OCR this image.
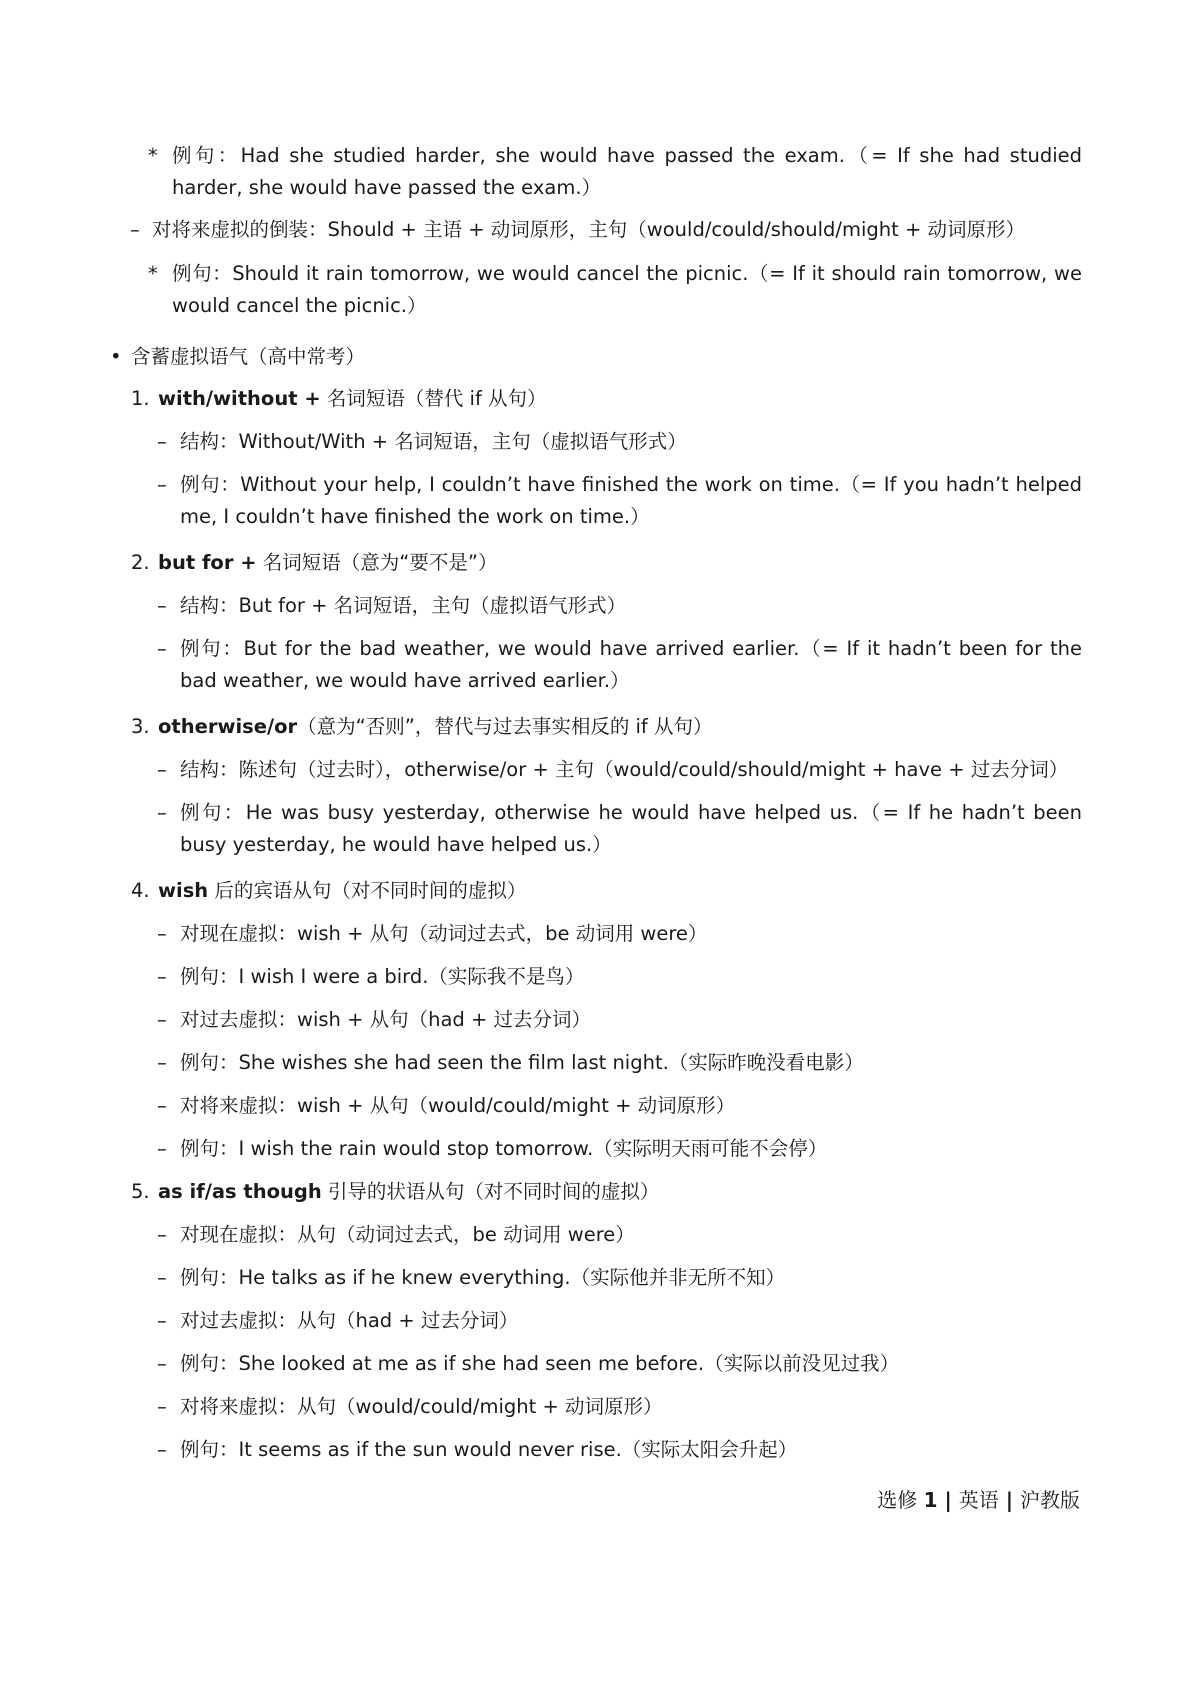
* 例句：Had she studied harder, she would have passed the exam.（= If she had studied harder, she would have passed the exam.）

– 对将来虚拟的倒装：Should + 主语 + 动词原形，主句（would/could/should/might + 动词原形）

* 例句：Should it rain tomorrow, we would cancel the picnic.（= If it should rain tomorrow, we would cancel the picnic.）

• 含蓄虚拟语气（高中常考）

1. with/without + 名词短语（替代 if 从句）

– 结构：Without/With + 名词短语，主句（虚拟语气形式）

– 例句：Without your help, I couldn’t have finished the work on time.（= If you hadn’t helped me, I couldn’t have finished the work on time.）

2. but for + 名词短语（意为“要不是”）

– 结构：But for + 名词短语，主句（虚拟语气形式）

– 例句：But for the bad weather, we would have arrived earlier.（= If it hadn’t been for the bad weather, we would have arrived earlier.）

3. otherwise/or（意为“否则”，替代与过去事实相反的 if 从句）

– 结构：陈述句（过去时），otherwise/or + 主句（would/could/should/might + have + 过去分词）

– 例句：He was busy yesterday, otherwise he would have helped us.（= If he hadn’t been busy yesterday, he would have helped us.）

4. wish 后的宾语从句（对不同时间的虚拟）

– 对现在虚拟：wish + 从句（动词过去式，be 动词用 were）

– 例句：I wish I were a bird.（实际我不是鸟）

– 对过去虚拟：wish + 从句（had + 过去分词）

– 例句：She wishes she had seen the film last night.（实际昨晚没看电影）

– 对将来虚拟：wish + 从句（would/could/might + 动词原形）

– 例句：I wish the rain would stop tomorrow.（实际明天雨可能不会停）

5. as if/as though 引导的状语从句（对不同时间的虚拟）

– 对现在虚拟：从句（动词过去式，be 动词用 were）

– 例句：He talks as if he knew everything.（实际他并非无所不知）

– 对过去虚拟：从句（had + 过去分词）

– 例句：She looked at me as if she had seen me before.（实际以前没见过我）

– 对将来虚拟：从句（would/could/might + 动词原形）

– 例句：It seems as if the sun would never rise.（实际太阳会升起）

选修 1 | 英语 | 沪教版
